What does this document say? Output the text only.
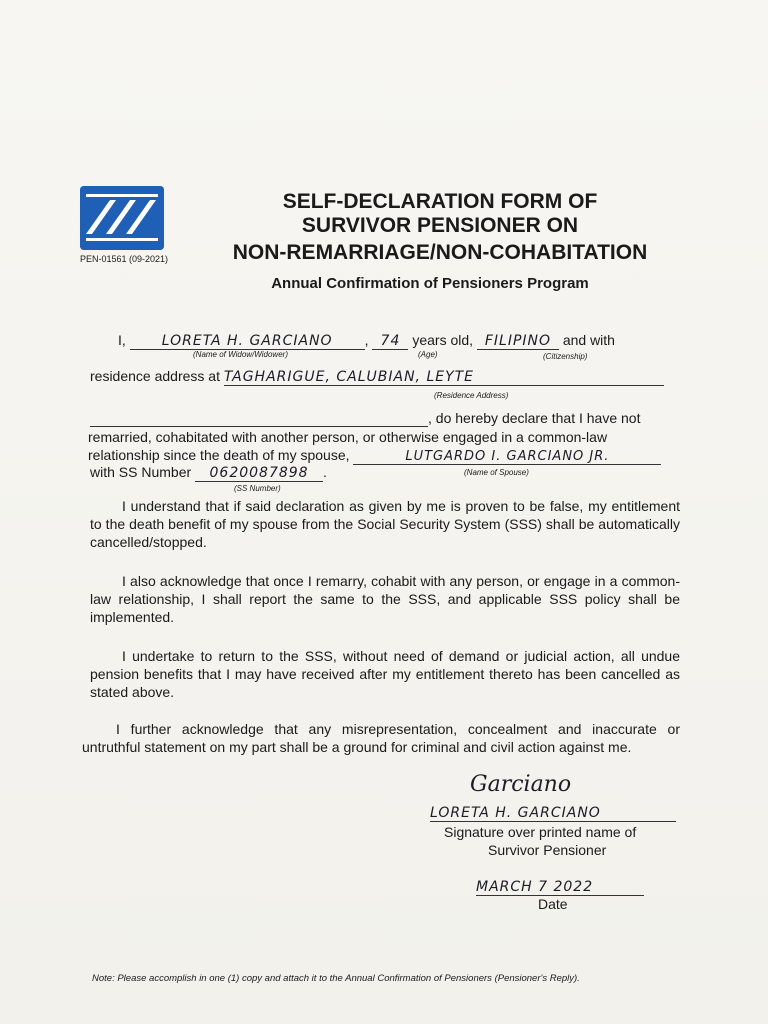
PEN-01561 (09-2021)
SELF-DECLARATION FORM OF
SURVIVOR PENSIONER ON
NON-REMARRIAGE/NON-COHABITATION
Annual Confirmation of Pensioners Program
I,	LORETA H. GARCIANO , 74 years old, FILIPINO and with
(Name of Widow/Widower)	(Age)	(Citizenship)
residence address at TAGHARIGUE, CALUBIAN, LEYTE
(Residence Address)
, do hereby declare that I have not
remarried, cohabitated with another person, or otherwise engaged in a common-law
relationship since the death of my spouse,	LUTGARDO I. GARCIANO JR.
(Name of Spouse)
with SS Number 0620087898 .
(SS Number)
I understand that if said declaration as given by me is proven to be false, my entitlement to the death benefit of my spouse from the Social Security System (SSS) shall be automatically cancelled/stopped.
I also acknowledge that once I remarry, cohabit with any person, or engage in a common-law relationship, I shall report the same to the SSS, and applicable SSS policy shall be implemented.
I undertake to return to the SSS, without need of demand or judicial action, all undue pension benefits that I may have received after my entitlement thereto has been cancelled as stated above.
I further acknowledge that any misrepresentation, concealment and inaccurate or untruthful statement on my part shall be a ground for criminal and civil action against me.
Garciano
LORETA H. GARCIANO
Signature over printed name of
Survivor Pensioner
MARCH 7 2022
Date
Note: Please accomplish in one (1) copy and attach it to the Annual Confirmation of Pensioners (Pensioner's Reply).
